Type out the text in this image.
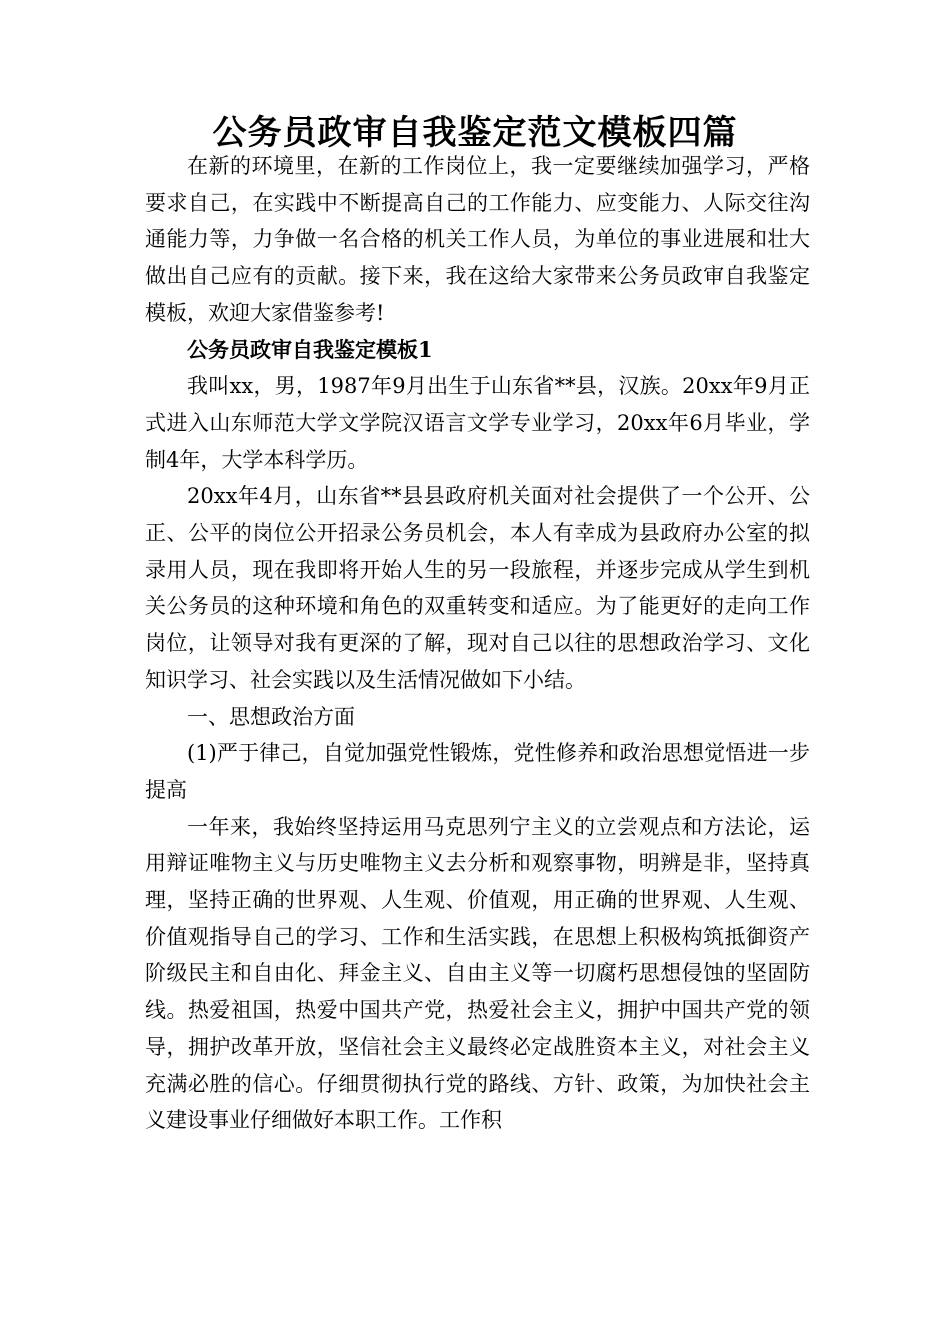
公务员政审自我鉴定范文模板四篇

在新的环境里，在新的工作岗位上，我一定要继续加强学习，严格要求自己，在实践中不断提高自己的工作能力、应变能力、人际交往沟通能力等，力争做一名合格的机关工作人员，为单位的事业进展和壮大做出自己应有的贡献。接下来，我在这给大家带来公务员政审自我鉴定模板，欢迎大家借鉴参考!

公务员政审自我鉴定模板1

我叫xx，男，1987年9月出生于山东省**县，汉族。20xx年9月正式进入山东师范大学文学院汉语言文学专业学习，20xx年6月毕业，学制4年，大学本科学历。

20xx年4月，山东省**县县政府机关面对社会提供了一个公开、公正、公平的岗位公开招录公务员机会，本人有幸成为县政府办公室的拟录用人员，现在我即将开始人生的另一段旅程，并逐步完成从学生到机关公务员的这种环境和角色的双重转变和适应。为了能更好的走向工作岗位，让领导对我有更深的了解，现对自己以往的思想政治学习、文化知识学习、社会实践以及生活情况做如下小结。

一、思想政治方面

(1)严于律己，自觉加强党性锻炼，党性修养和政治思想觉悟进一步提高

一年来，我始终坚持运用马克思列宁主义的立尝观点和方法论，运用辩证唯物主义与历史唯物主义去分析和观察事物，明辨是非，坚持真理，坚持正确的世界观、人生观、价值观，用正确的世界观、人生观、价值观指导自己的学习、工作和生活实践，在思想上积极构筑抵御资产阶级民主和自由化、拜金主义、自由主义等一切腐朽思想侵蚀的坚固防线。热爱祖国，热爱中国共产党，热爱社会主义，拥护中国共产党的领导，拥护改革开放，坚信社会主义最终必定战胜资本主义，对社会主义充满必胜的信心。仔细贯彻执行党的路线、方针、政策，为加快社会主义建设事业仔细做好本职工作。工作积
